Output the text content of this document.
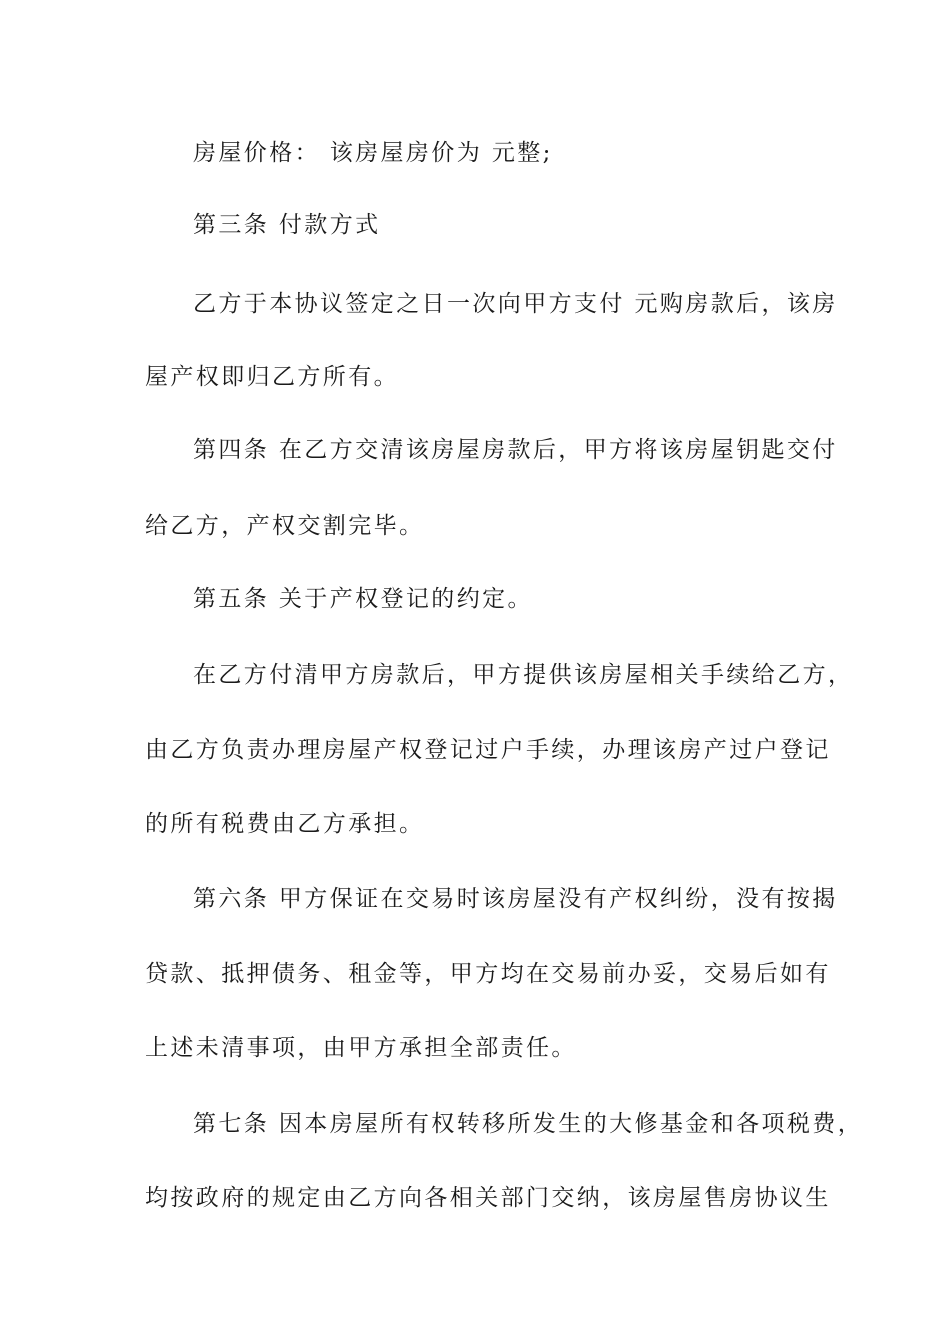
房屋价格： 该房屋房价为 元整;
第三条 付款方式
乙方于本协议签定之日一次向甲方支付 元购房款后，该房
屋产权即归乙方所有。
第四条 在乙方交清该房屋房款后，甲方将该房屋钥匙交付
给乙方，产权交割完毕。
第五条 关于产权登记的约定。
在乙方付清甲方房款后，甲方提供该房屋相关手续给乙方，
由乙方负责办理房屋产权登记过户手续，办理该房产过户登记
的所有税费由乙方承担。
第六条 甲方保证在交易时该房屋没有产权纠纷，没有按揭
贷款、抵押债务、租金等，甲方均在交易前办妥，交易后如有
上述未清事项，由甲方承担全部责任。
第七条 因本房屋所有权转移所发生的大修基金和各项税费，
均按政府的规定由乙方向各相关部门交纳，该房屋售房协议生
